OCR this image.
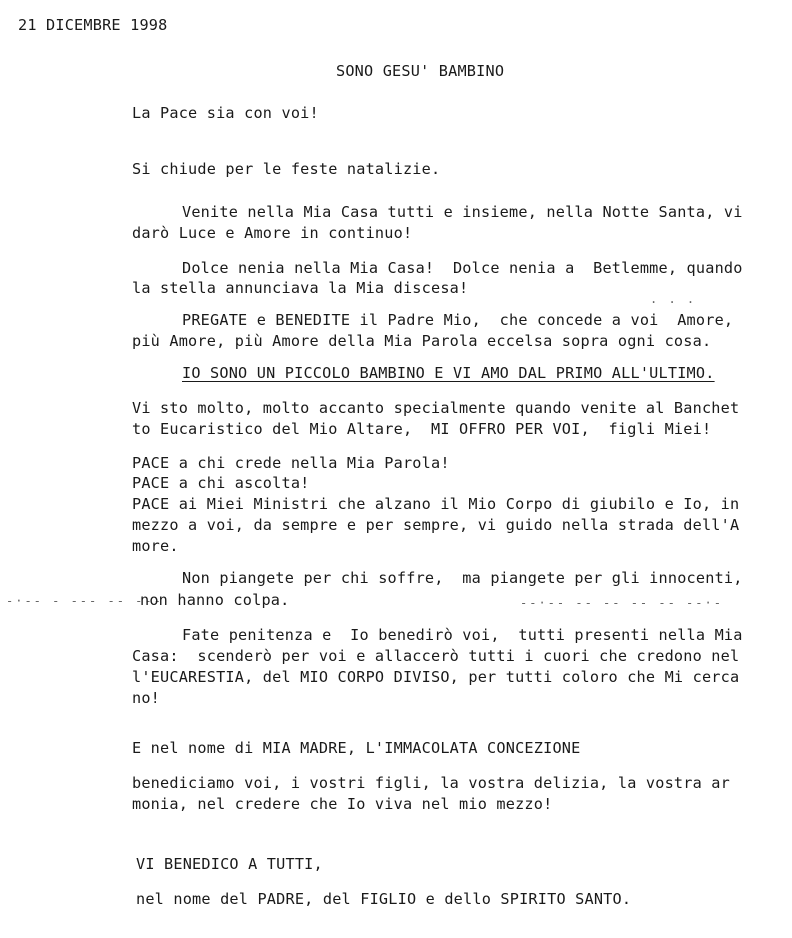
21 DICEMBRE 1998
SONO GESU' BAMBINO
La Pace sia con voi!
Si chiude per le feste natalizie.
Venite nella Mia Casa tutti e insieme, nella Notte Santa, vi
darò Luce e Amore in continuo!
Dolce nenia nella Mia Casa!  Dolce nenia a  Betlemme, quando
la stella annunciava la Mia discesa!
. . .
PREGATE e BENEDITE il Padre Mio,  che concede a voi  Amore,
più Amore, più Amore della Mia Parola eccelsa sopra ogni cosa.
IO SONO UN PICCOLO BAMBINO E VI AMO DAL PRIMO ALL'ULTIMO.
Vi sto molto, molto accanto specialmente quando venite al Banchet
to Eucaristico del Mio Altare,  MI OFFRO PER VOI,  figli Miei!
PACE a chi crede nella Mia Parola!
PACE a chi ascolta!
PACE ai Miei Ministri che alzano il Mio Corpo di giubilo e Io, in
mezzo a voi, da sempre e per sempre, vi guido nella strada dell'A
more.
Non piangete per chi soffre,  ma piangete per gli innocenti,
-·-- - --- -- ---
non hanno colpa.	--·-- -- -- -- -- --·-
Fate penitenza e  Io benedirò voi,  tutti presenti nella Mia
Casa:  scenderò per voi e allaccerò tutti i cuori che credono nel
l'EUCARESTIA, del MIO CORPO DIVISO, per tutti coloro che Mi cerca
no!
E nel nome di MIA MADRE, L'IMMACOLATA CONCEZIONE
benediciamo voi, i vostri figli, la vostra delizia, la vostra ar
monia, nel credere che Io viva nel mio mezzo!
VI BENEDICO A TUTTI,
nel nome del PADRE, del FIGLIO e dello SPIRITO SANTO.
